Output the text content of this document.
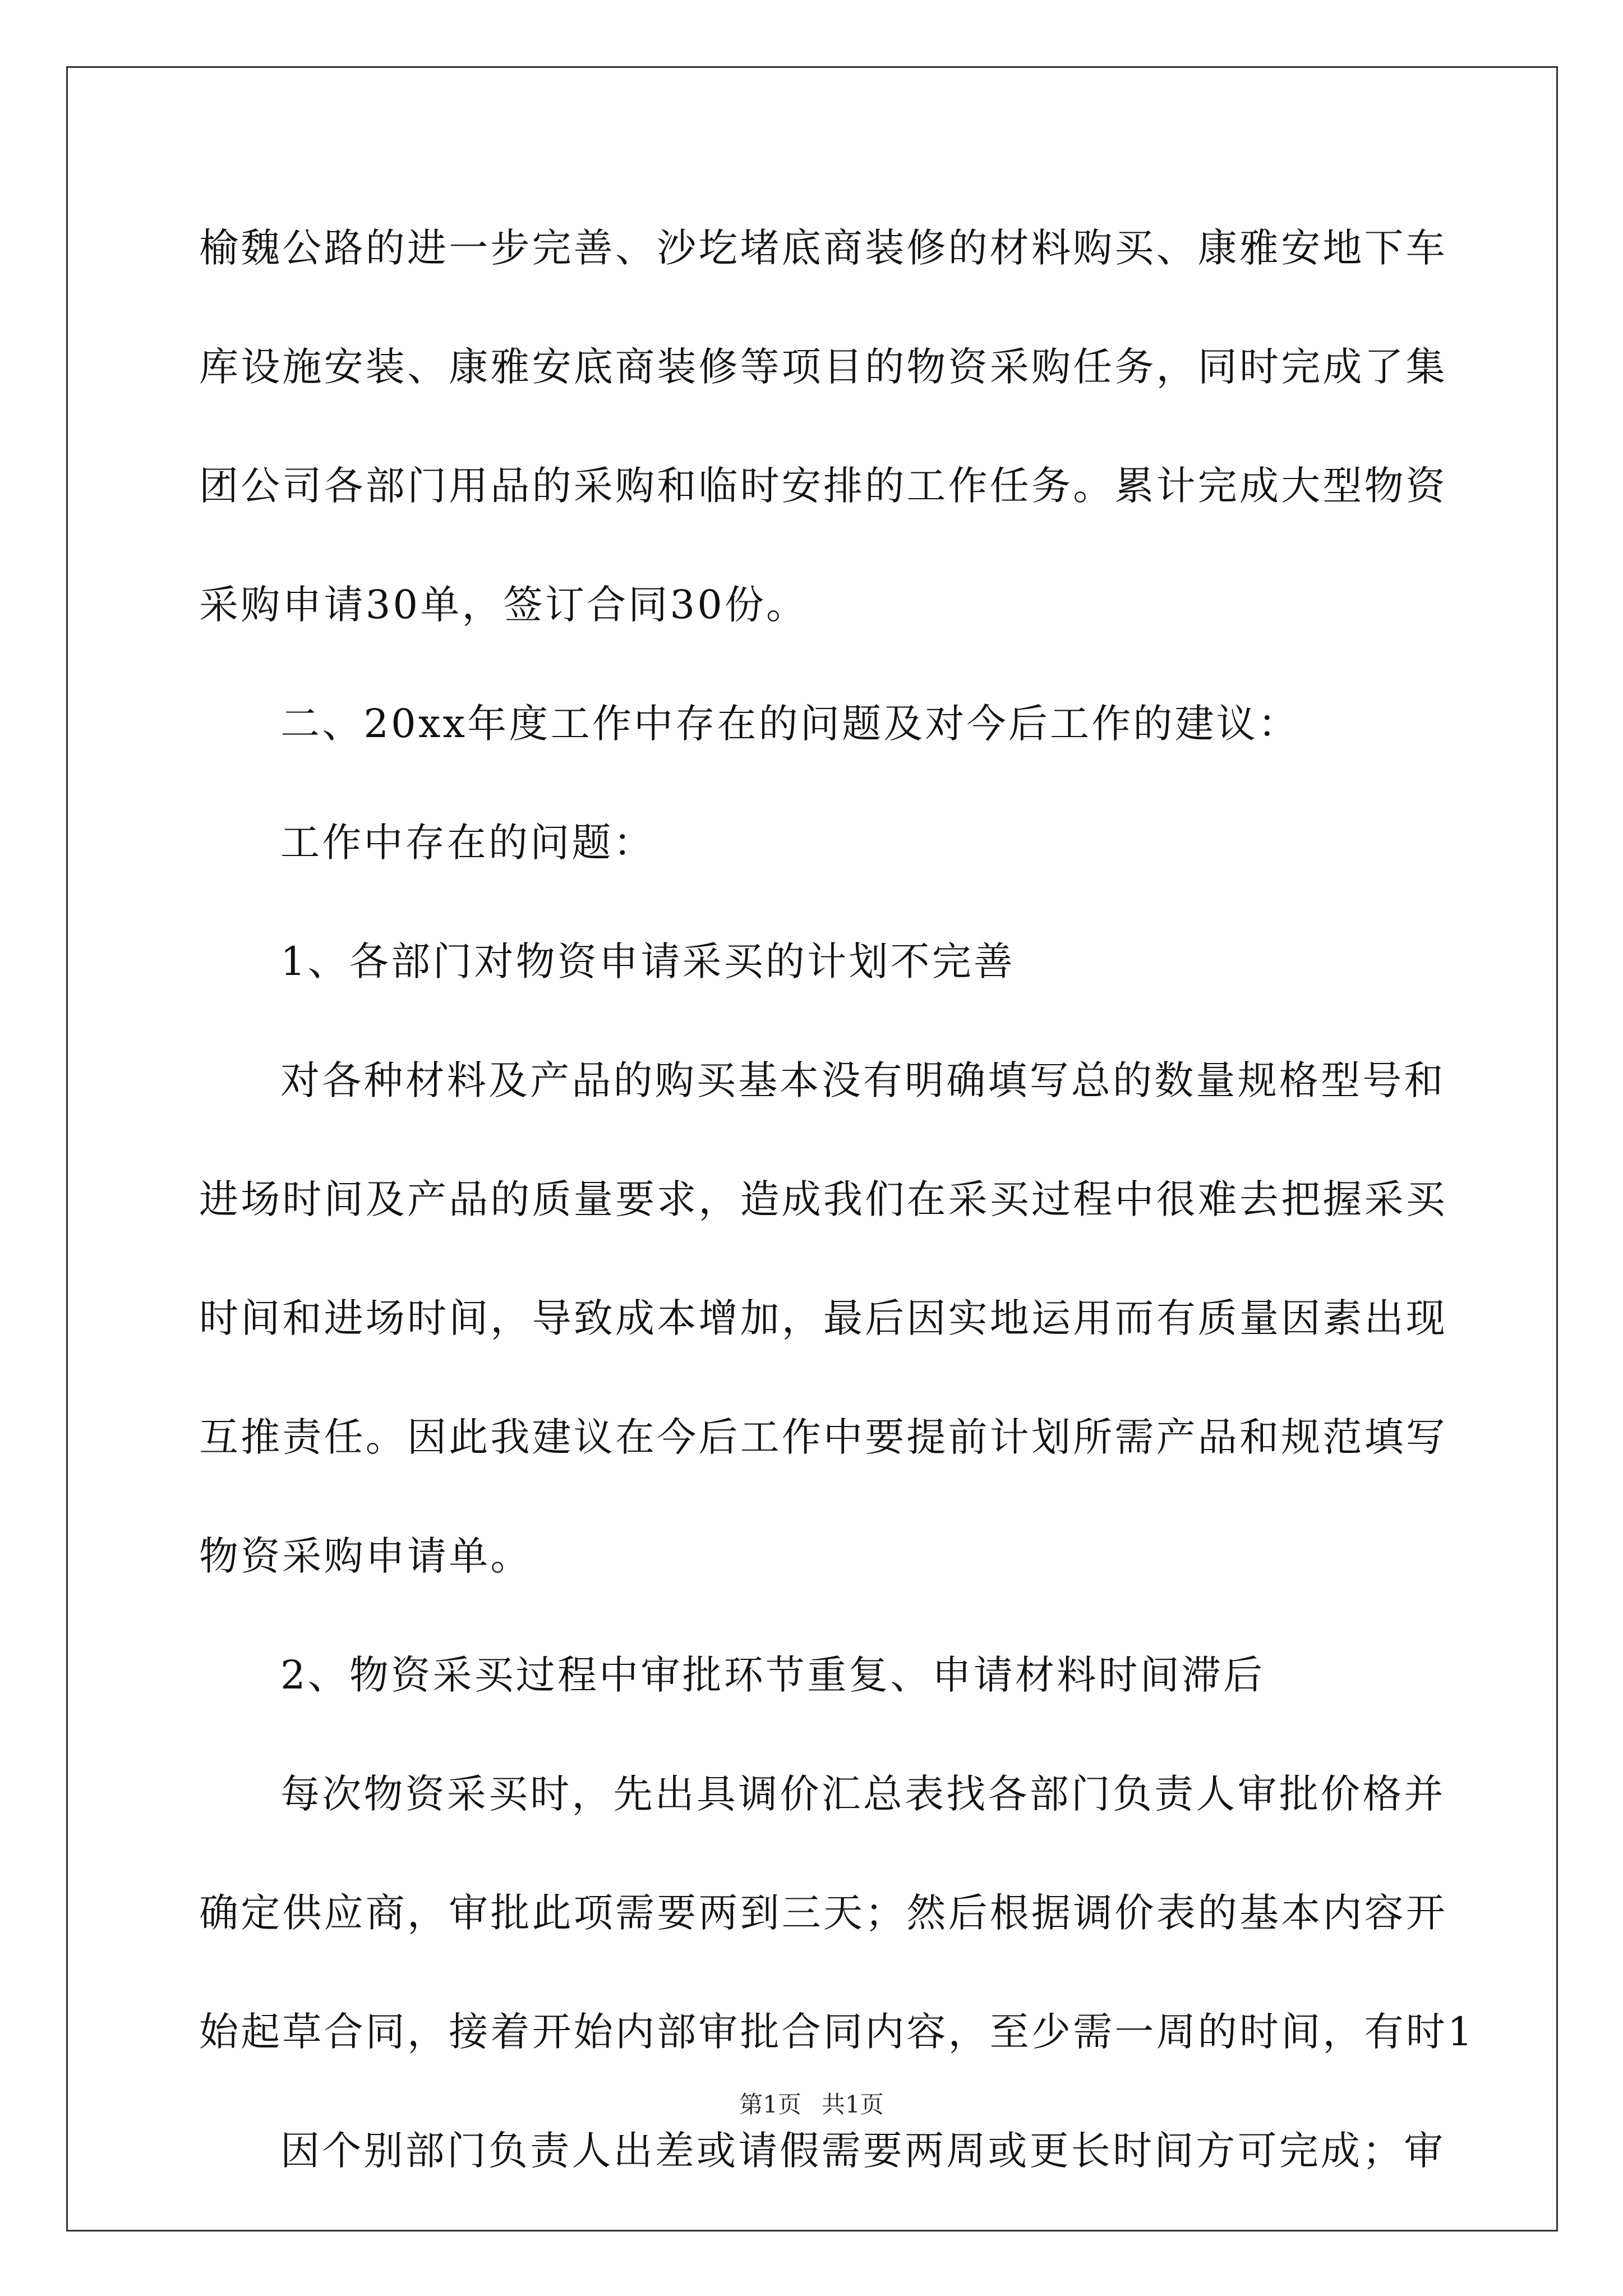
榆魏公路的进一步完善、沙圪堵底商装修的材料购买、康雅安地下车
库设施安装、康雅安底商装修等项目的物资采购任务，同时完成了集
团公司各部门用品的采购和临时安排的工作任务。累计完成大型物资
采购申请30单，签订合同30份。
二、20xx年度工作中存在的问题及对今后工作的建议：
工作中存在的问题：
1、各部门对物资申请采买的计划不完善
对各种材料及产品的购买基本没有明确填写总的数量规格型号和
进场时间及产品的质量要求，造成我们在采买过程中很难去把握采买
时间和进场时间，导致成本增加，最后因实地运用而有质量因素出现
互推责任。因此我建议在今后工作中要提前计划所需产品和规范填写
物资采购申请单。
2、物资采买过程中审批环节重复、申请材料时间滞后
每次物资采买时，先出具调价汇总表找各部门负责人审批价格并
确定供应商，审批此项需要两到三天；然后根据调价表的基本内容开
始起草合同，接着开始内部审批合同内容，至少需一周的时间，有时1
因个别部门负责人出差或请假需要两周或更长时间方可完成；审
第1页 共1页
